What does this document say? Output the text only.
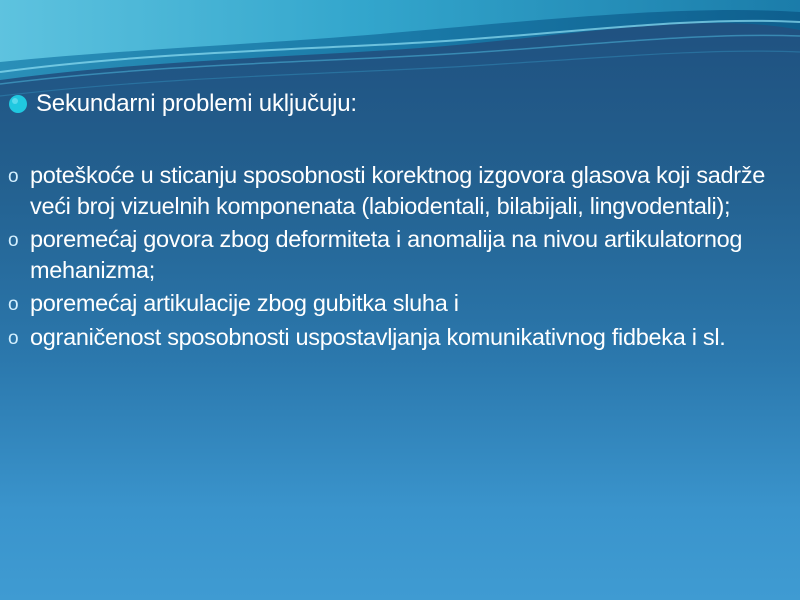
Sekundarni problemi uključuju:
o poteškoće u sticanju sposobnosti korektnog izgovora glasova koji sadrže veći broj vizuelnih komponenata (labiodentali, bilabijali, lingvodentali);
o poremećaj govora zbog deformiteta i anomalija na nivou artikulatornog mehanizma;
o poremećaj artikulacije zbog gubitka sluha i
o ograničenost sposobnosti uspostavljanja komunikativnog fidbeka i sl.
